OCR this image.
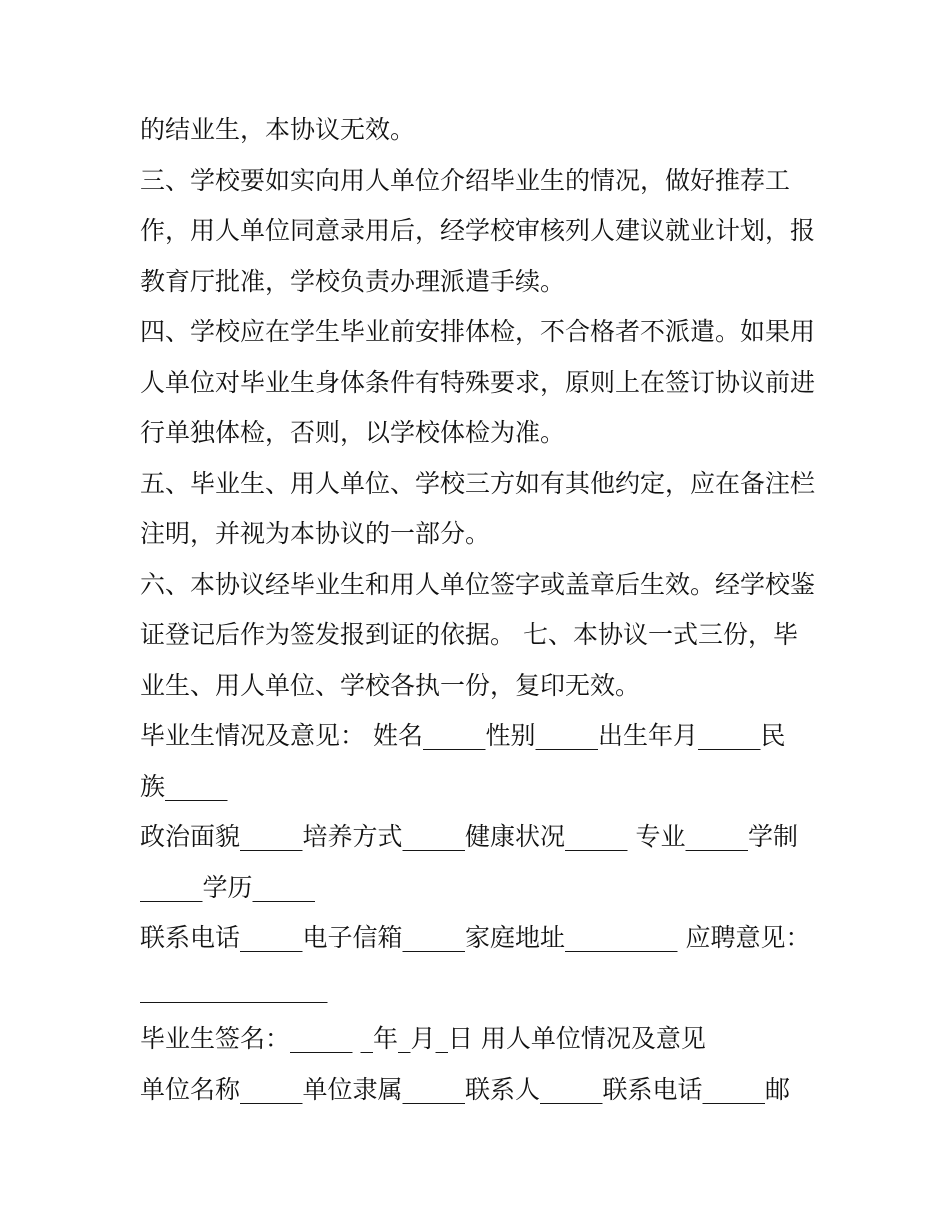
的结业生，本协议无效。
三、学校要如实向用人单位介绍毕业生的情况，做好推荐工
作，用人单位同意录用后，经学校审核列人建议就业计划，报
教育厅批准，学校负责办理派遣手续。
四、学校应在学生毕业前安排体检，不合格者不派遣。如果用
人单位对毕业生身体条件有特殊要求，原则上在签订协议前进
行单独体检，否则，以学校体检为准。
五、毕业生、用人单位、学校三方如有其他约定，应在备注栏
注明，并视为本协议的一部分。
六、本协议经毕业生和用人单位签字或盖章后生效。经学校鉴
证登记后作为签发报到证的依据。 七、本协议一式三份，毕
业生、用人单位、学校各执一份，复印无效。
毕业生情况及意见： 姓名_____性别_____出生年月_____民
族_____
政治面貌_____培养方式_____健康状况_____ 专业_____学制
_____学历_____
联系电话_____电子信箱_____家庭地址_________ 应聘意见：
_______________
毕业生签名：_____ _年_月_日 用人单位情况及意见
单位名称_____单位隶属_____联系人_____联系电话_____邮
